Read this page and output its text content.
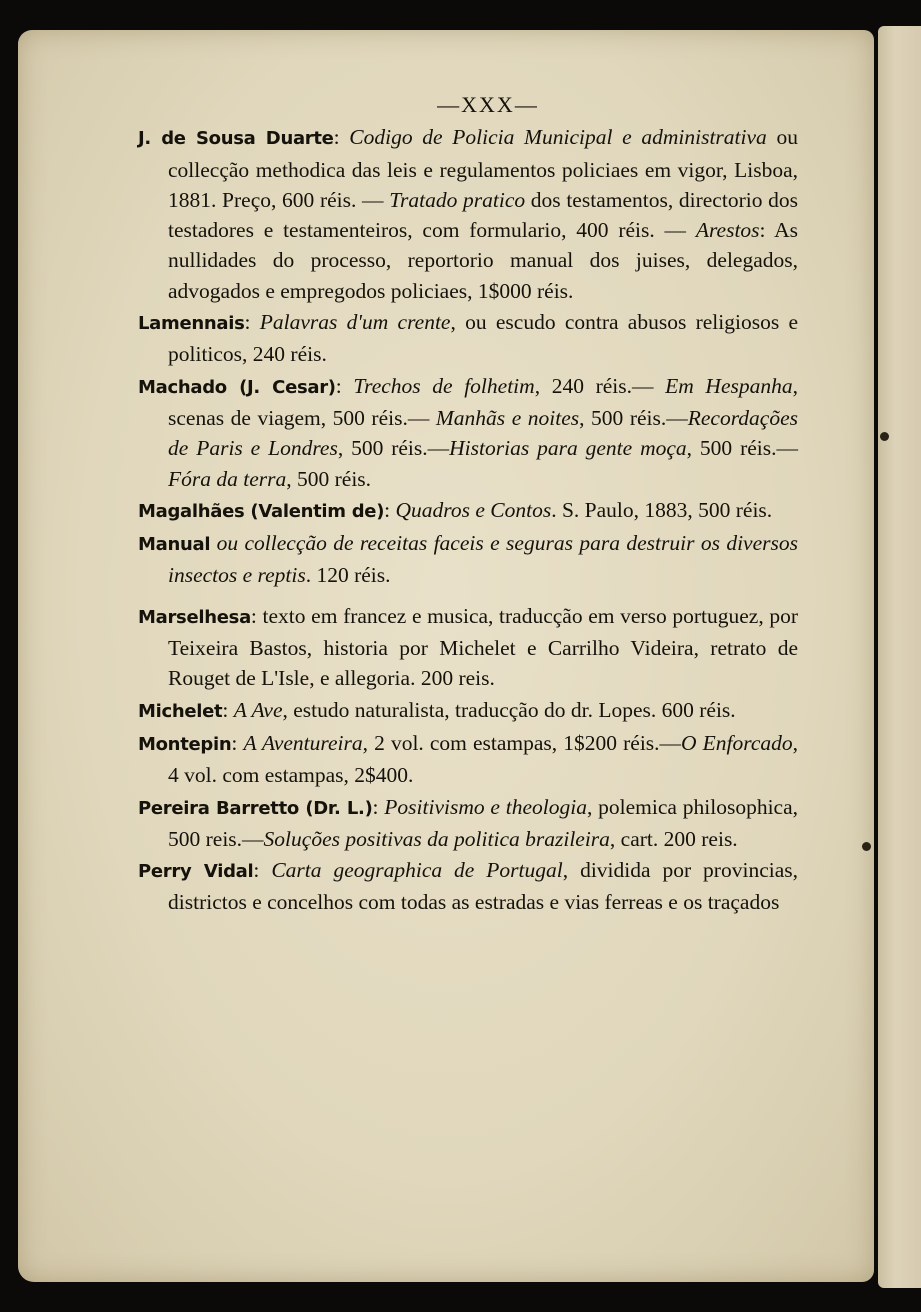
—XXX—

J. de Sousa Duarte: Codigo de Policia Municipal e administrativa ou collecção methodica das leis e regulamentos policiaes em vigor, Lisboa, 1881. Preço, 600 réis. — Tratado pratico dos testamentos, directorio dos testadores e testamenteiros, com formulario, 400 réis. — Arestos: As nullidades do processo, reportorio manual dos juises, delegados, advogados e empregodos policiaes, 1$000 réis.

Lamennais: Palavras d'um crente, ou escudo contra abusos religiosos e politicos, 240 réis.

Machado (J. Cesar): Trechos de folhetim, 240 réis.— Em Hespanha, scenas de viagem, 500 réis.— Manhãs e noites, 500 réis.—Recordações de Paris e Londres, 500 réis.—Historias para gente moça, 500 réis.—Fóra da terra, 500 réis.

Magalhães (Valentim de): Quadros e Contos. S. Paulo, 1883, 500 réis.

Manual ou collecção de receitas faceis e seguras para destruir os diversos insectos e reptis. 120 réis.

Marselhesa: texto em francez e musica, traducção em verso portuguez, por Teixeira Bastos, historia por Michelet e Carrilho Videira, retrato de Rouget de L'Isle, e allegoria. 200 reis.

Michelet: A Ave, estudo naturalista, traducção do dr. Lopes. 600 réis.

Montepin: A Aventureira, 2 vol. com estampas, 1$200 réis.—O Enforcado, 4 vol. com estampas, 2$400.

Pereira Barretto (Dr. L.): Positivismo e theologia, polemica philosophica, 500 reis.—Soluções positivas da politica brazileira, cart. 200 reis.

Perry Vidal: Carta geographica de Portugal, dividida por provincias, districtos e concelhos com todas as estradas e vias ferreas e os traçados
